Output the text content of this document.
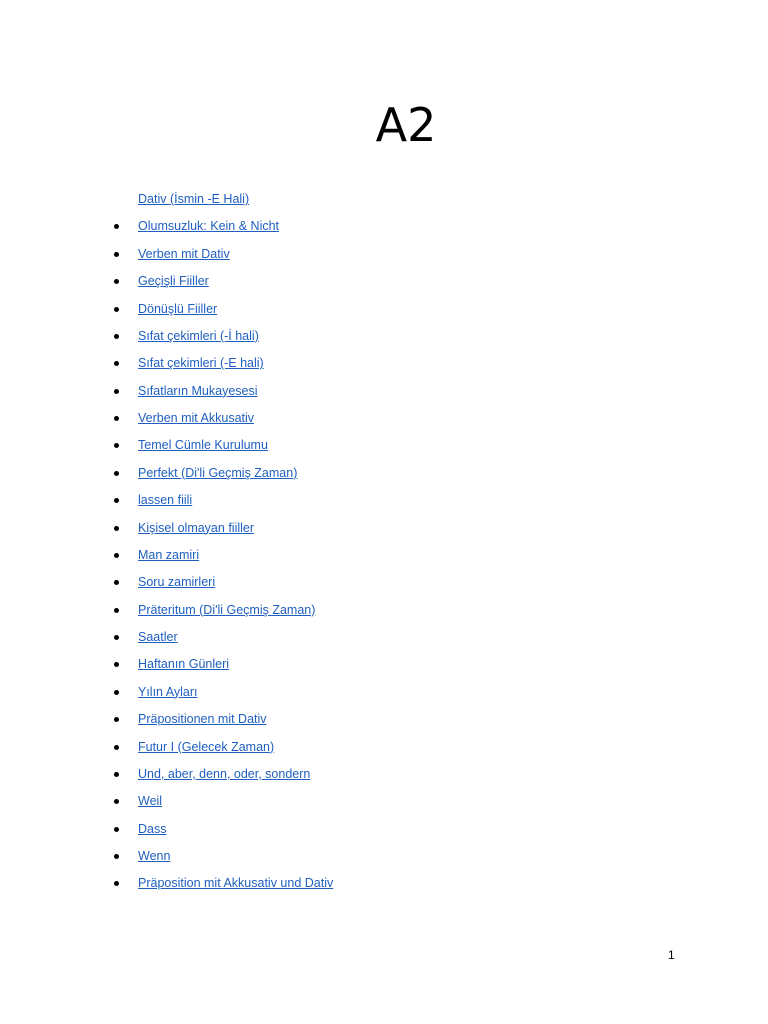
A2
Dativ (İsmin -E Hali)
Olumsuzluk: Kein & Nicht
Verben mit Dativ
Geçişli Fiiller
Dönüşlü Fiiller
Sıfat çekimleri (-İ hali)
Sıfat çekimleri (-E hali)
Sıfatların Mukayesesi
Verben mit Akkusativ
Temel Cümle Kurulumu
Perfekt (Di'li Geçmiş Zaman)
lassen fiili
Kişisel olmayan fiiller
Man zamiri
Soru zamirleri
Präteritum (Di'li Geçmiş Zaman)
Saatler
Haftanın Günleri
Yılın Ayları
Präpositionen mit Dativ
Futur I (Gelecek Zaman)
Und, aber, denn, oder, sondern
Weil
Dass
Wenn
Präposition mit Akkusativ und Dativ
1
